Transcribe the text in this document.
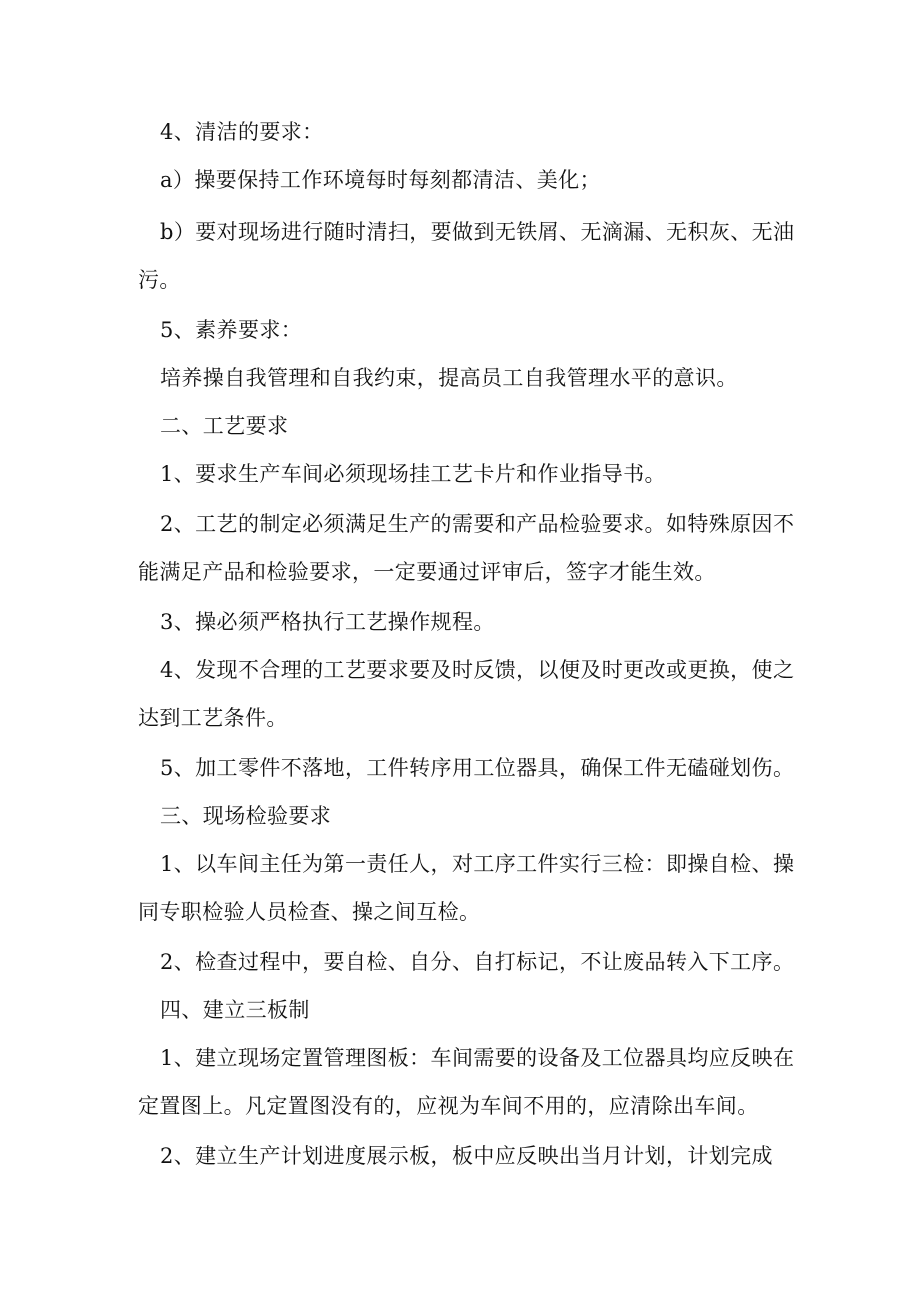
4、清洁的要求：

a）操要保持工作环境每时每刻都清洁、美化；

b）要对现场进行随时清扫，要做到无铁屑、无滴漏、无积灰、无油污。

5、素养要求：

培养操自我管理和自我约束，提高员工自我管理水平的意识。

二、工艺要求

1、要求生产车间必须现场挂工艺卡片和作业指导书。

2、工艺的制定必须满足生产的需要和产品检验要求。如特殊原因不能满足产品和检验要求，一定要通过评审后，签字才能生效。

3、操必须严格执行工艺操作规程。

4、发现不合理的工艺要求要及时反馈，以便及时更改或更换，使之达到工艺条件。

5、加工零件不落地，工件转序用工位器具，确保工件无磕碰划伤。

三、现场检验要求

1、以车间主任为第一责任人，对工序工件实行三检：即操自检、操同专职检验人员检查、操之间互检。

2、检查过程中，要自检、自分、自打标记，不让废品转入下工序。

四、建立三板制

1、建立现场定置管理图板：车间需要的设备及工位器具均应反映在定置图上。凡定置图没有的，应视为车间不用的，应清除出车间。

2、建立生产计划进度展示板，板中应反映出当月计划，计划完成
